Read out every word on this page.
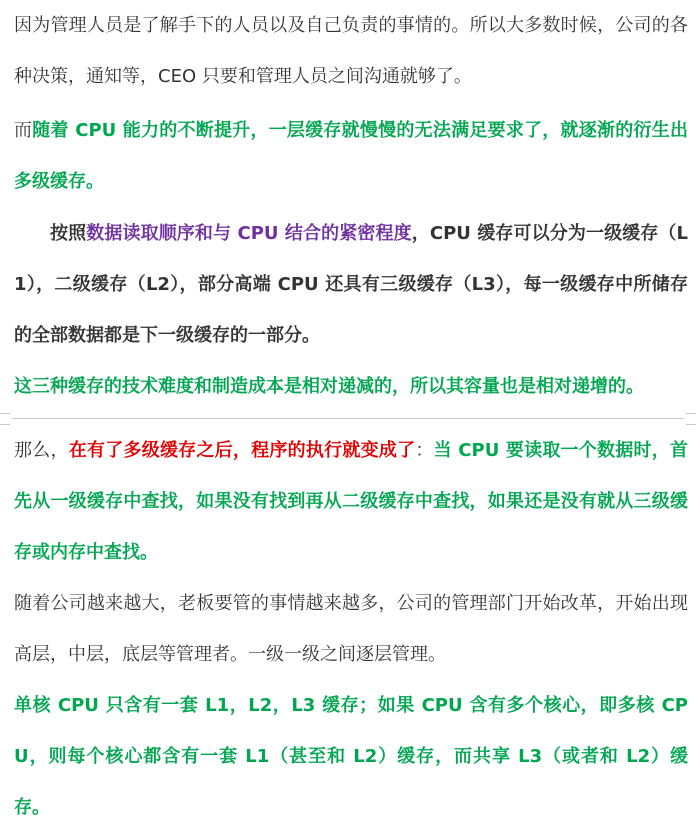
因为管理人员是了解手下的人员以及自己负责的事情的。所以大多数时候，公司的各种决策，通知等，CEO 只要和管理人员之间沟通就够了。

而随着 CPU 能力的不断提升，一层缓存就慢慢的无法满足要求了，就逐渐的衍生出多级缓存。

按照数据读取顺序和与 CPU 结合的紧密程度，CPU 缓存可以分为一级缓存（L1），二级缓存（L2），部分高端 CPU 还具有三级缓存（L3），每一级缓存中所储存的全部数据都是下一级缓存的一部分。

这三种缓存的技术难度和制造成本是相对递减的，所以其容量也是相对递增的。

那么，在有了多级缓存之后，程序的执行就变成了：当 CPU 要读取一个数据时，首先从一级缓存中查找，如果没有找到再从二级缓存中查找，如果还是没有就从三级缓存或内存中查找。

随着公司越来越大，老板要管的事情越来越多，公司的管理部门开始改革，开始出现高层，中层，底层等管理者。一级一级之间逐层管理。

单核 CPU 只含有一套 L1，L2，L3 缓存；如果 CPU 含有多个核心，即多核 CPU，则每个核心都含有一套 L1（甚至和 L2）缓存，而共享 L3（或者和 L2）缓存。
